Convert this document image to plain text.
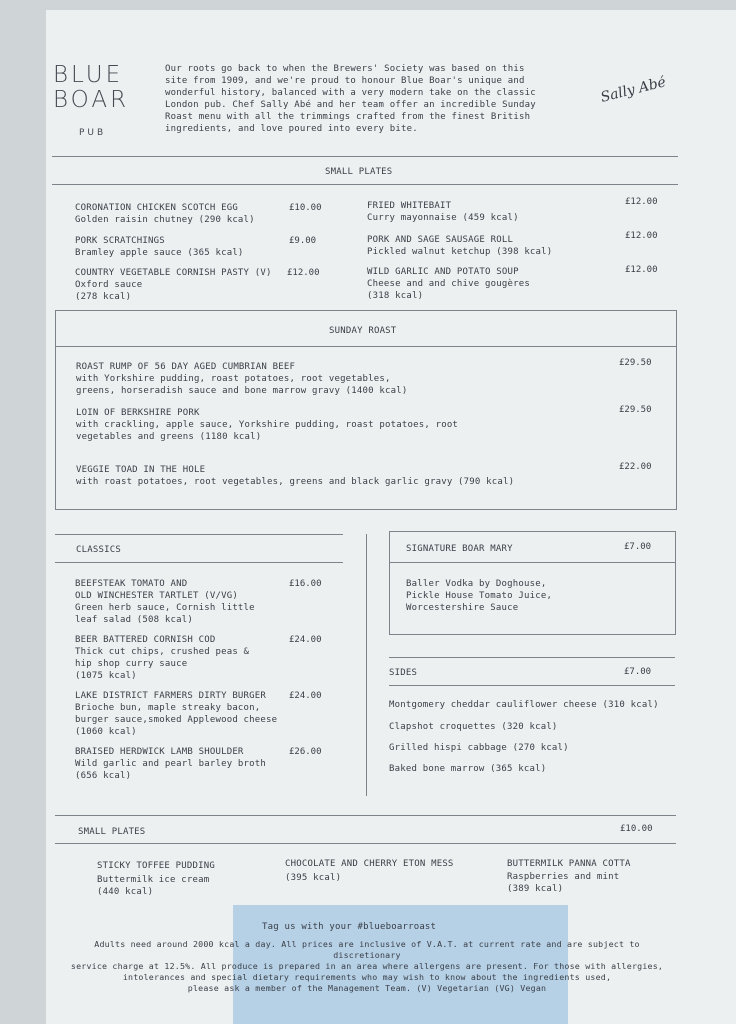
BLUE
BOAR
PUB
Our roots go back to when the Brewers' Society was based on this
site from 1909, and we're proud to honour Blue Boar's unique and
wonderful history, balanced with a very modern take on the classic
London pub. Chef Sally Abé and her team offer an incredible Sunday
Roast menu with all the trimmings crafted from the finest British
ingredients, and love poured into every bite.
Sally Abé
SMALL PLATES
CORONATION CHICKEN SCOTCH EGG
Golden raisin chutney (290 kcal)
£10.00
PORK SCRATCHINGS
Bramley apple sauce (365 kcal)
£9.00
COUNTRY VEGETABLE CORNISH PASTY (V)
Oxford sauce
(278 kcal)
£12.00
FRIED WHITEBAIT
Curry mayonnaise (459 kcal)
£12.00
PORK AND SAGE SAUSAGE ROLL
Pickled walnut ketchup (398 kcal)
£12.00
WILD GARLIC AND POTATO SOUP
Cheese and and chive gougères
(318 kcal)
£12.00
SUNDAY ROAST
ROAST RUMP OF 56 DAY AGED CUMBRIAN BEEF
with Yorkshire pudding, roast potatoes, root vegetables,
greens, horseradish sauce and bone marrow gravy (1400 kcal)
£29.50
LOIN OF BERKSHIRE PORK
with crackling, apple sauce, Yorkshire pudding, roast potatoes, root
vegetables and greens (1180 kcal)
£29.50
VEGGIE TOAD IN THE HOLE
with roast potatoes, root vegetables, greens and black garlic gravy (790 kcal)
£22.00
CLASSICS
BEEFSTEAK TOMATO AND
OLD WINCHESTER TARTLET (V/VG)
Green herb sauce, Cornish little
leaf salad (508 kcal)
£16.00
BEER BATTERED CORNISH COD
Thick cut chips, crushed peas &
hip shop curry sauce
(1075 kcal)
£24.00
LAKE DISTRICT FARMERS DIRTY BURGER
Brioche bun, maple streaky bacon,
burger sauce,smoked Applewood cheese
(1060 kcal)
£24.00
BRAISED HERDWICK LAMB SHOULDER
Wild garlic and pearl barley broth
(656 kcal)
£26.00
SIGNATURE BOAR MARY	£7.00
Baller Vodka by Doghouse,
Pickle House Tomato Juice,
Worcestershire Sauce
SIDES	£7.00
Montgomery cheddar cauliflower cheese (310 kcal)
Clapshot croquettes (320 kcal)
Grilled hispi cabbage (270 kcal)
Baked bone marrow (365 kcal)
SMALL PLATES	£10.00
STICKY TOFFEE PUDDING
Buttermilk ice cream
(440 kcal)
CHOCOLATE AND CHERRY ETON MESS
(395 kcal)
BUTTERMILK PANNA COTTA
Raspberries and mint
(389 kcal)
Tag us with your #blueboarroast
Adults need around 2000 kcal a day. All prices are inclusive of V.A.T. at current rate and are subject to discretionary
service charge at 12.5%. All produce is prepared in an area where allergens are present. For those with allergies,
intolerances and special dietary requirements who may wish to know about the ingredients used,
please ask a member of the Management Team. (V) Vegetarian (VG) Vegan
